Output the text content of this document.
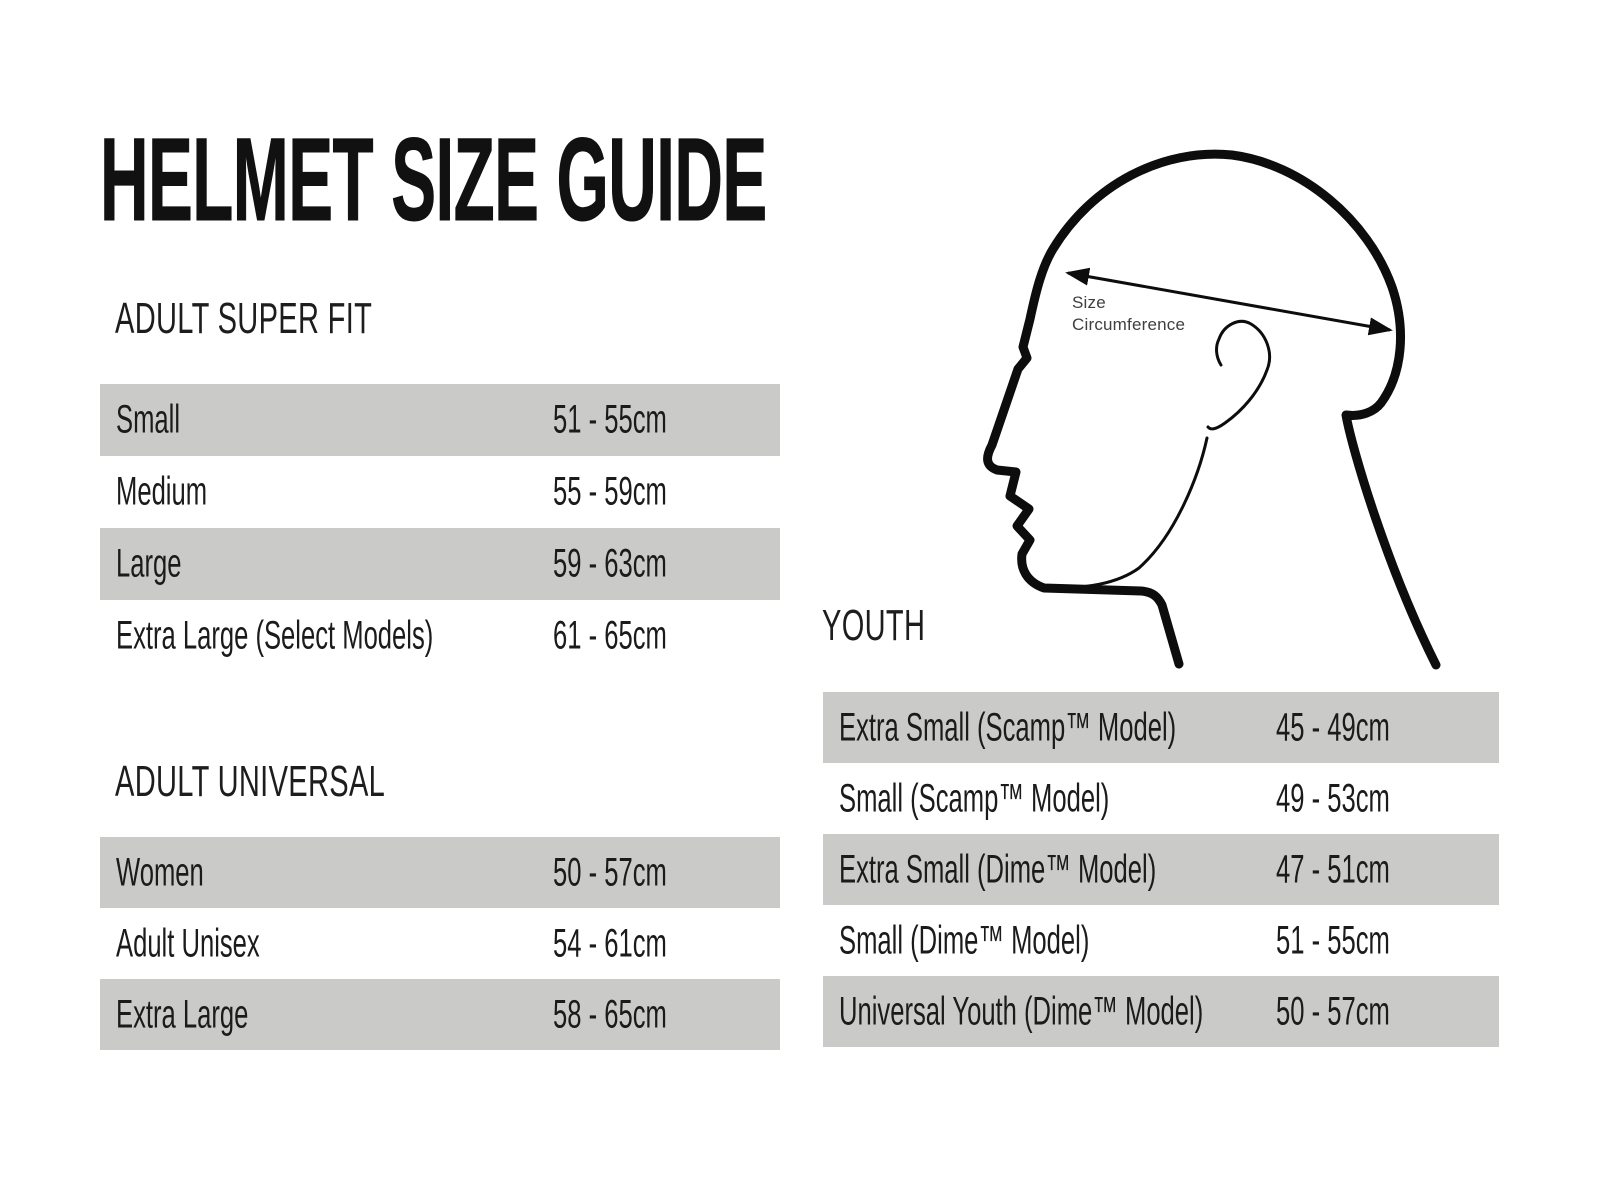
HELMET SIZE GUIDE
ADULT SUPER FIT
Small	51 - 55cm
Medium	55 - 59cm
Large	59 - 63cm
Extra Large (Select Models)	61 - 65cm
ADULT UNIVERSAL
Women	50 - 57cm
Adult Unisex	54 - 61cm
Extra Large	58 - 65cm
YOUTH
Extra Small (Scamp™ Model) 45 - 49cm
Small (Scamp™ Model)	49 - 53cm
Extra Small (Dime™ Model)	47 - 51cm
Small (Dime™ Model)	51 - 55cm
Universal Youth (Dime™ Model) 50 - 57cm
Size
Circumference
